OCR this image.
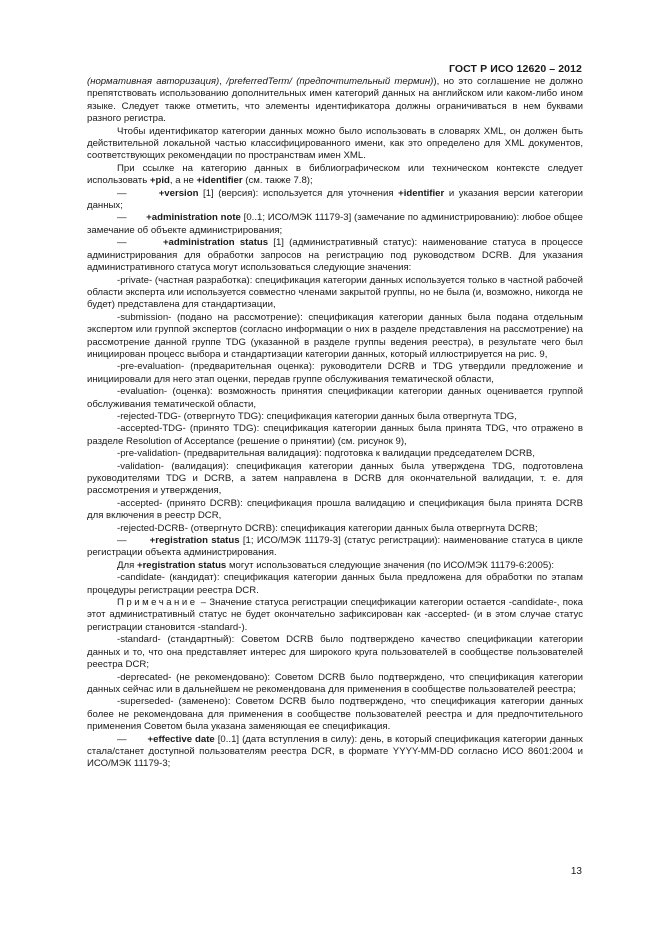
ГОСТ Р ИСО 12620 – 2012

(нормативная авторизация), /preferredTerm/ (предпочтительный термин)), но это соглашение не должно препятствовать использованию дополнительных имен категорий данных на английском или каком-либо ином языке. Следует также отметить, что элементы идентификатора должны ограничиваться в нем буквами разного регистра.

Чтобы идентификатор категории данных можно было использовать в словарях XML, он должен быть действительной локальной частью классифицированного имени, как это определено для XML документов, соответствующих рекомендации по пространствам имен XML.

При ссылке на категорию данных в библиографическом или техническом контексте следует использовать +pid, а не +identifier (см. также 7.8);

—       +version [1] (версия): используется для уточнения +identifier и указания версии категории данных;

—       +administration note [0..1; ИСО/МЭК 11179-3] (замечание по администрированию): любое общее замечание об объекте администрирования;

—       +administration status [1] (административный статус): наименование статуса в процессе администрирования для обработки запросов на регистрацию под руководством DCRB. Для указания административного статуса могут использоваться следующие значения:

-private- (частная разработка): спецификация категории данных используется только в частной рабочей области эксперта или используется совместно членами закрытой группы, но не была (и, возможно, никогда не будет) представлена для стандартизации,

-submission- (подано на рассмотрение): спецификация категории данных была подана отдельным экспертом или группой экспертов (согласно информации о них в разделе представления на рассмотрение) на рассмотрение данной группе TDG (указанной в разделе группы ведения реестра), в результате чего был инициирован процесс выбора и стандартизации категории данных, который иллюстрируется на рис. 9,

-pre-evaluation- (предварительная оценка): руководители DCRB и TDG утвердили предложение и инициировали для него этап оценки, передав группе обслуживания тематической области,

-evaluation- (оценка): возможность принятия спецификации категории данных оценивается группой обслуживания тематической области,

-rejected-TDG- (отвергнуто TDG): спецификация категории данных была отвергнута TDG,

-accepted-TDG- (принято TDG): спецификация категории данных была принята TDG, что отражено в разделе Resolution of Acceptance (решение о принятии) (см. рисунок 9),

-pre-validation- (предварительная валидация): подготовка к валидации председателем DCRB,

-validation- (валидация): спецификация категории данных была утверждена TDG, подготовлена руководителями TDG и DCRB, а затем направлена в DCRB для окончательной валидации, т. е. для рассмотрения и утверждения,

-accepted- (принято DCRB): спецификация прошла валидацию и спецификация была принята DCRB для включения в реестр DCR,

-rejected-DCRB- (отвергнуто DCRB): спецификация категории данных была отвергнута DCRB;

—       +registration status [1; ИСО/МЭК 11179-3] (статус регистрации): наименование статуса в цикле регистрации объекта администрирования.

Для +registration status могут использоваться следующие значения (по ИСО/МЭК 11179-6:2005):

-candidate- (кандидат): спецификация категории данных была предложена для обработки по этапам процедуры регистрации реестра DCR.

Примечание – Значение статуса регистрации спецификации категории остается -candidate-, пока этот административный статус не будет окончательно зафиксирован как -accepted- (и в этом случае статус регистрации становится -standard-).

-standard- (стандартный): Советом DCRB было подтверждено качество спецификации категории данных и то, что она представляет интерес для широкого круга пользователей в сообществе пользователей реестра DCR;

-deprecated- (не рекомендовано): Советом DCRB было подтверждено, что спецификация категории данных сейчас или в дальнейшем не рекомендована для применения в сообществе пользователей реестра;

-superseded- (заменено): Советом DCRB было подтверждено, что спецификация категории данных более не рекомендована для применения в сообществе пользователей реестра и для предпочтительного применения Советом была указана заменяющая ее спецификация.

—       +effective date [0..1] (дата вступления в силу): день, в который спецификация категории данных стала/станет доступной пользователям реестра DCR, в формате YYYY-MM-DD согласно ИСО 8601:2004 и ИСО/МЭК 11179-3;

13
